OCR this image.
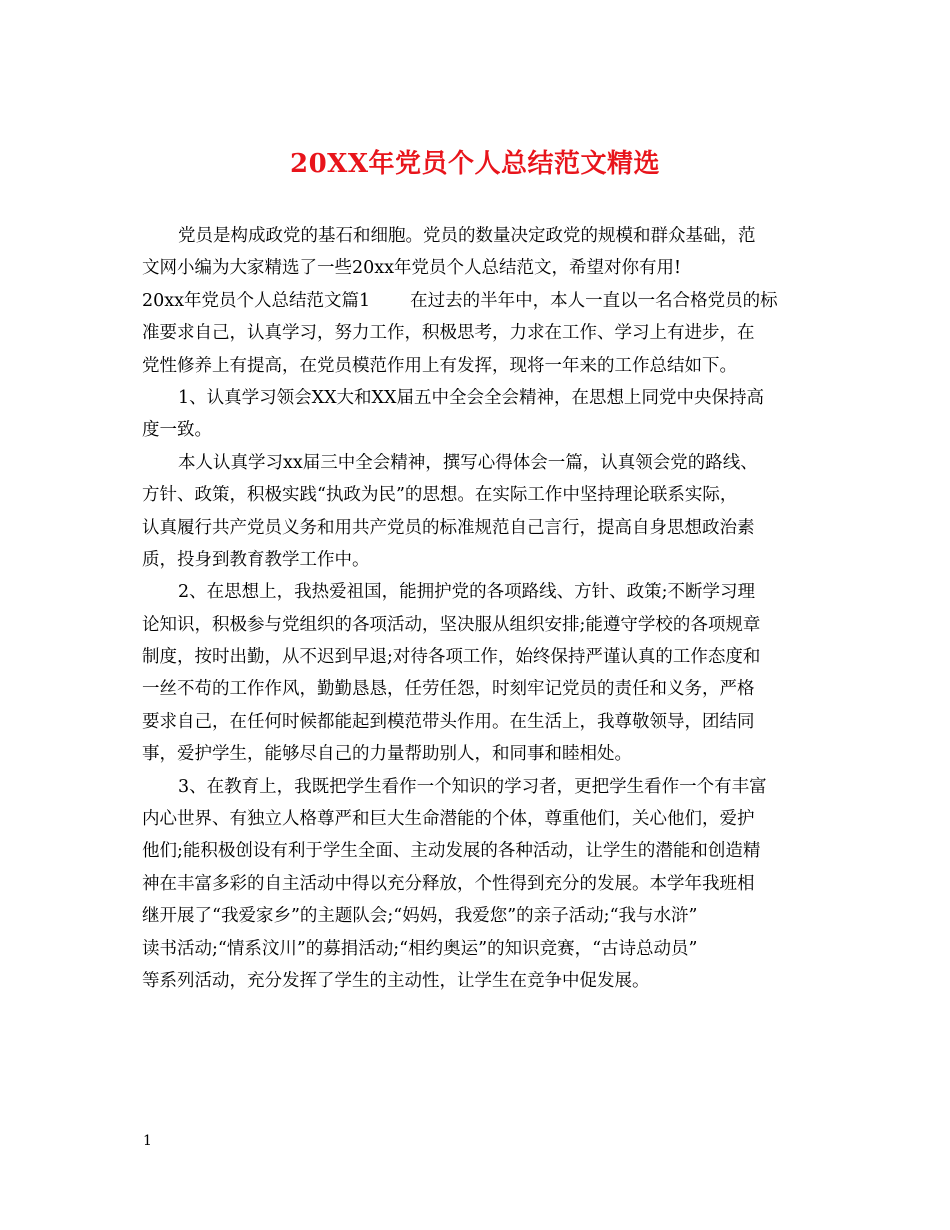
20XX年党员个人总结范文精选
党员是构成政党的基石和细胞。党员的数量决定政党的规模和群众基础，范
文网小编为大家精选了一些20xx年党员个人总结范文，希望对你有用!
20xx年党员个人总结范文篇1 在过去的半年中，本人一直以一名合格党员的标
准要求自己，认真学习，努力工作，积极思考，力求在工作、学习上有进步，在
党性修养上有提高，在党员模范作用上有发挥，现将一年来的工作总结如下。
1、认真学习领会XX大和XX届五中全会全会精神，在思想上同党中央保持高
度一致。
本人认真学习xx届三中全会精神，撰写心得体会一篇，认真领会党的路线、
方针、政策，积极实践“执政为民”的思想。在实际工作中坚持理论联系实际，
认真履行共产党员义务和用共产党员的标准规范自己言行，提高自身思想政治素
质，投身到教育教学工作中。
2、在思想上，我热爱祖国，能拥护党的各项路线、方针、政策;不断学习理
论知识，积极参与党组织的各项活动，坚决服从组织安排;能遵守学校的各项规章
制度，按时出勤，从不迟到早退;对待各项工作，始终保持严谨认真的工作态度和
一丝不苟的工作作风，勤勤恳恳，任劳任怨，时刻牢记党员的责任和义务，严格
要求自己，在任何时候都能起到模范带头作用。在生活上，我尊敬领导，团结同
事，爱护学生，能够尽自己的力量帮助别人，和同事和睦相处。
3、在教育上，我既把学生看作一个知识的学习者，更把学生看作一个有丰富
内心世界、有独立人格尊严和巨大生命潜能的个体，尊重他们，关心他们，爱护
他们;能积极创设有利于学生全面、主动发展的各种活动，让学生的潜能和创造精
神在丰富多彩的自主活动中得以充分释放，个性得到充分的发展。本学年我班相
继开展了“我爱家乡”的主题队会;“妈妈，我爱您”的亲子活动;“我与水浒”
读书活动;“情系汶川”的募捐活动;“相约奥运”的知识竞赛，“古诗总动员”
等系列活动，充分发挥了学生的主动性，让学生在竞争中促发展。
1
